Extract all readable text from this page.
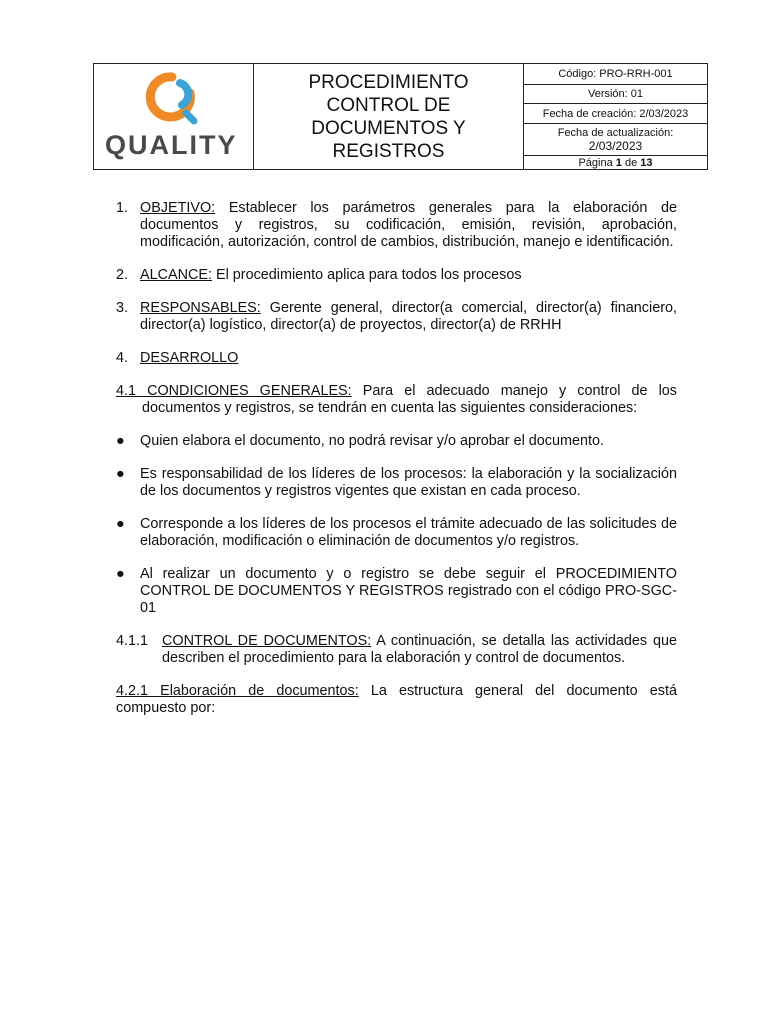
QUALITY
PROCEDIMIENTO
CONTROL DE
DOCUMENTOS Y
REGISTROS
Código: PRO-RRH-001
Versión: 01
Fecha de creación: 2/03/2023
Fecha de actualización:
2/03/2023
Página 1 de 13
1. OBJETIVO: Establecer los parámetros generales para la elaboración de documentos y registros, su codificación, emisión, revisión, aprobación, modificación, autorización, control de cambios, distribución, manejo e identificación.
2. ALCANCE: El procedimiento aplica para todos los procesos
3. RESPONSABLES: Gerente general, director(a comercial, director(a) financiero, director(a) logístico, director(a) de proyectos, director(a) de RRHH
4. DESARROLLO
4.1 CONDICIONES GENERALES: Para el adecuado manejo y control de los documentos y registros, se tendrán en cuenta las siguientes consideraciones:
● Quien elabora el documento, no podrá revisar y/o aprobar el documento.
● Es responsabilidad de los líderes de los procesos: la elaboración y la socialización de los documentos y registros vigentes que existan en cada proceso.
● Corresponde a los líderes de los procesos el trámite adecuado de las solicitudes de elaboración, modificación o eliminación de documentos y/o registros.
● Al realizar un documento y o registro se debe seguir el PROCEDIMIENTO CONTROL DE DOCUMENTOS Y REGISTROS registrado con el código PRO-SGC-01
4.1.1 CONTROL DE DOCUMENTOS: A continuación, se detalla las actividades que describen el procedimiento para la elaboración y control de documentos.
4.2.1 Elaboración de documentos: La estructura general del documento está compuesto por:
